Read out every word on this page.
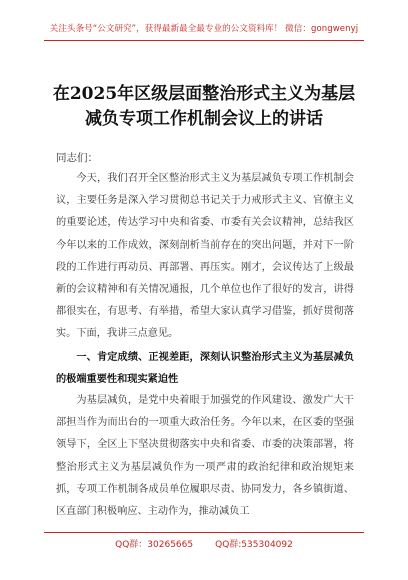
关注头条号“公文研究”，获得最新最全最专业的公文资料库！ 微信：gongwenyj
在2025年区级层面整治形式主义为基层
减负专项工作机制会议上的讲话
同志们：

今天，我们召开全区整治形式主义为基层减负专项工作机制会议，主要任务是深入学习贯彻总书记关于力戒形式主义、官僚主义的重要论述，传达学习中央和省委、市委有关会议精神，总结我区今年以来的工作成效，深刻剖析当前存在的突出问题，并对下一阶段的工作进行再动员、再部署、再压实。刚才，会议传达了上级最新的会议精神和有关情况通报，几个单位也作了很好的发言，讲得都很实在，有思考、有举措，希望大家认真学习借鉴，抓好贯彻落实。下面，我讲三点意见。

一、肯定成绩、正视差距，深刻认识整治形式主义为基层减负的极端重要性和现实紧迫性

为基层减负，是党中央着眼于加强党的作风建设、激发广大干部担当作为而出台的一项重大政治任务。今年以来，在区委的坚强领导下，全区上下坚决贯彻落实中央和省委、市委的决策部署，将整治形式主义为基层减负作为一项严肃的政治纪律和政治规矩来抓，专项工作机制各成员单位履职尽责、协同发力，各乡镇街道、区直部门积极响应、主动作为，推动减负工

QQ群：30265665 QQ群:535304092
